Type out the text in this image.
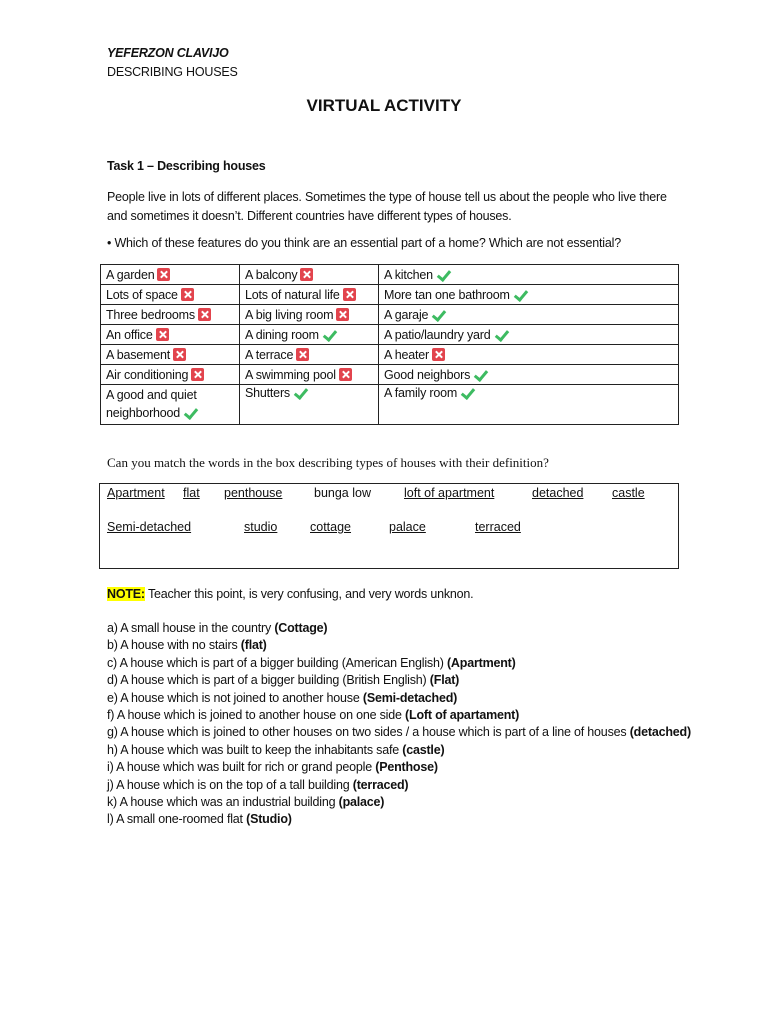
YEFERZON CLAVIJO
DESCRIBING HOUSES
VIRTUAL ACTIVITY
Task 1 – Describing houses
People live in lots of different places. Sometimes the type of house tell us about the people who live there and sometimes it doesn’t. Different countries have different types of houses.
• Which of these features do you think are an essential part of a home? Which are not essential?
A garden	A balcony	A kitchen
Lots of space	Lots of natural life	More tan one bathroom
Three bedrooms	A big living room	A garaje
An office	A dining room	A patio/laundry yard
A basement	A terrace	A heater
Air conditioning	A swimming pool	Good neighbors

A good and quiet neighborhood	Shutters	A family room
Can you match the words in the box describing types of houses with their definition?
Apartment flat penthouse	bunga low	loft of apartment	detached castle
Semi-detached	studio	cottage	palace	terraced
NOTE: Teacher this point, is very confusing, and very words unknon.
a) A small house in the country (Cottage)
b) A house with no stairs (flat)
c) A house which is part of a bigger building (American English) (Apartment)
d) A house which is part of a bigger building (British English) (Flat)
e) A house which is not joined to another house (Semi-detached)
f) A house which is joined to another house on one side (Loft of apartament)
g) A house which is joined to other houses on two sides / a house which is part of a line of houses (detached)
h) A house which was built to keep the inhabitants safe (castle)
i) A house which was built for rich or grand people (Penthose)
j) A house which is on the top of a tall building (terraced)
k) A house which was an industrial building (palace)
l) A small one-roomed flat (Studio)
